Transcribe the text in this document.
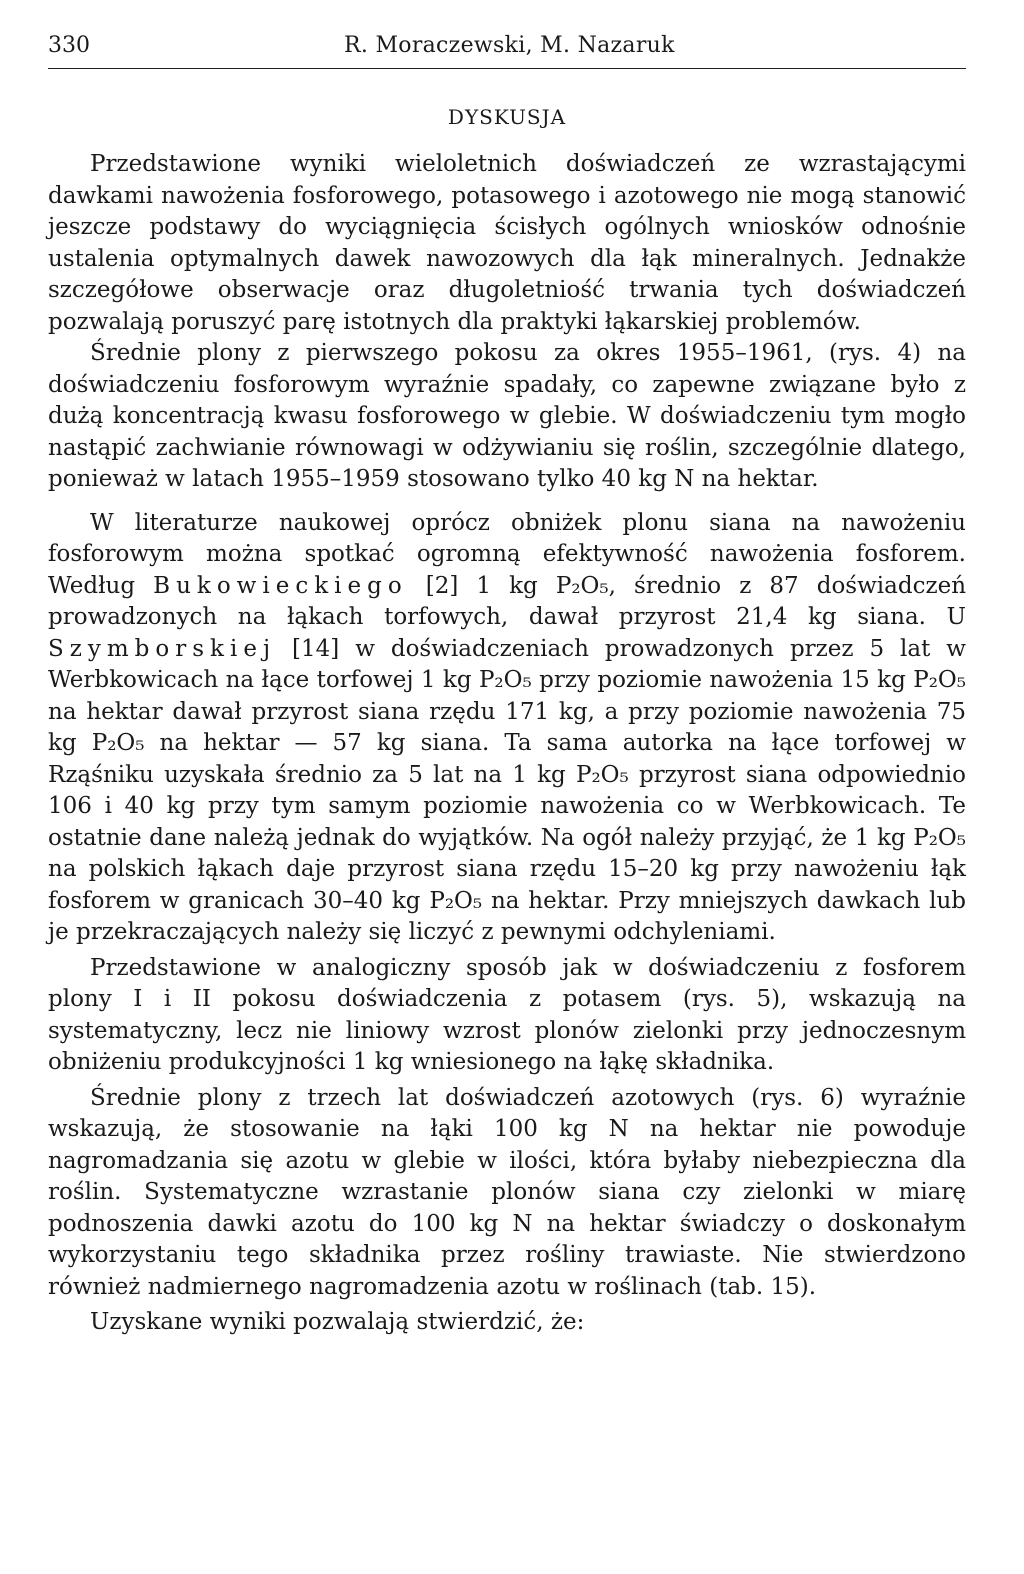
330	R. Moraczewski, M. Nazaruk
DYSKUSJA

Przedstawione wyniki wieloletnich doświadczeń ze wzrastającymi dawkami nawożenia fosforowego, potasowego i azotowego nie mogą stanowić jeszcze podstawy do wyciągnięcia ścisłych ogólnych wniosków odnośnie ustalenia optymalnych dawek nawozowych dla łąk mineralnych. Jednakże szczegółowe obserwacje oraz długoletniość trwania tych doświadczeń pozwalają poruszyć parę istotnych dla praktyki łąkarskiej problemów.

Średnie plony z pierwszego pokosu za okres 1955–1961, (rys. 4) na doświadczeniu fosforowym wyraźnie spadały, co zapewne związane było z dużą koncentracją kwasu fosforowego w glebie. W doświadczeniu tym mogło nastąpić zachwianie równowagi w odżywianiu się roślin, szczególnie dlatego, ponieważ w latach 1955–1959 stosowano tylko 40 kg N na hektar.

W literaturze naukowej oprócz obniżek plonu siana na nawożeniu fosforowym można spotkać ogromną efektywność nawożenia fosforem. Według Bukowieckiego [2] 1 kg P₂O₅, średnio z 87 doświadczeń prowadzonych na łąkach torfowych, dawał przyrost 21,4 kg siana. U Szymborskiej [14] w doświadczeniach prowadzonych przez 5 lat w Werbkowicach na łące torfowej 1 kg P₂O₅ przy poziomie nawożenia 15 kg P₂O₅ na hektar dawał przyrost siana rzędu 171 kg, a przy poziomie nawożenia 75 kg P₂O₅ na hektar — 57 kg siana. Ta sama autorka na łące torfowej w Rząśniku uzyskała średnio za 5 lat na 1 kg P₂O₅ przyrost siana odpowiednio 106 i 40 kg przy tym samym poziomie nawożenia co w Werbkowicach. Te ostatnie dane należą jednak do wyjątków. Na ogół należy przyjąć, że 1 kg P₂O₅ na polskich łąkach daje przyrost siana rzędu 15–20 kg przy nawożeniu łąk fosforem w granicach 30–40 kg P₂O₅ na hektar. Przy mniejszych dawkach lub je przekraczających należy się liczyć z pewnymi odchyleniami.

Przedstawione w analogiczny sposób jak w doświadczeniu z fosforem plony I i II pokosu doświadczenia z potasem (rys. 5), wskazują na systematyczny, lecz nie liniowy wzrost plonów zielonki przy jednoczesnym obniżeniu produkcyjności 1 kg wniesionego na łąkę składnika.

Średnie plony z trzech lat doświadczeń azotowych (rys. 6) wyraźnie wskazują, że stosowanie na łąki 100 kg N na hektar nie powoduje nagromadzania się azotu w glebie w ilości, która byłaby niebezpieczna dla roślin. Systematyczne wzrastanie plonów siana czy zielonki w miarę podnoszenia dawki azotu do 100 kg N na hektar świadczy o doskonałym wykorzystaniu tego składnika przez rośliny trawiaste. Nie stwierdzono również nadmiernego nagromadzenia azotu w roślinach (tab. 15).

Uzyskane wyniki pozwalają stwierdzić, że:
